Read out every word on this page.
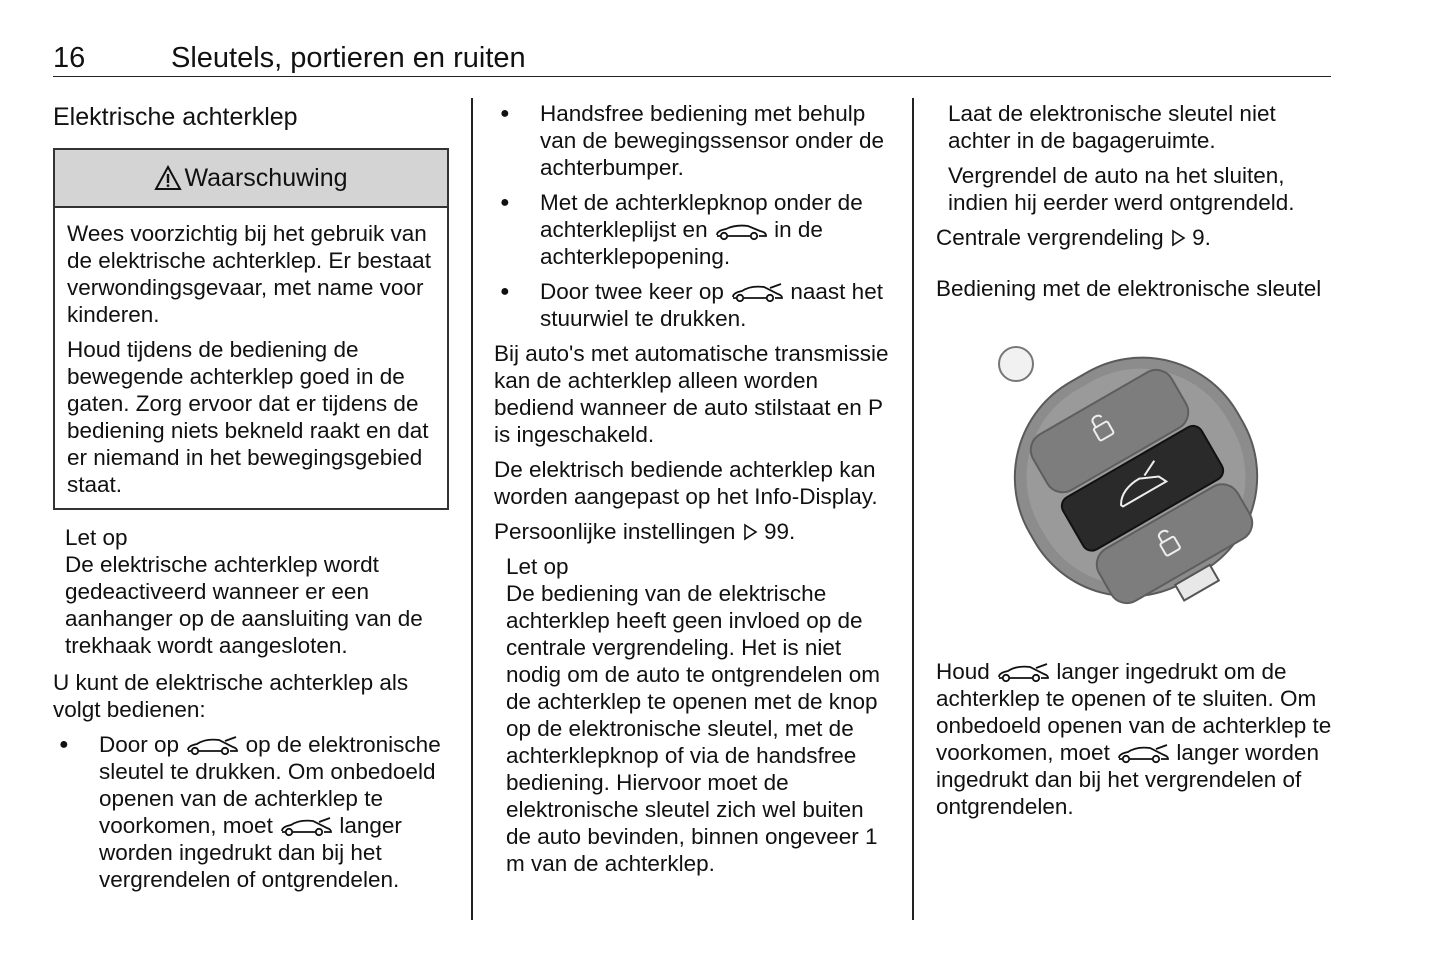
16	Sleutels, portieren en ruiten
Elektrische achterklep
Waarschuwing

Wees voorzichtig bij het gebruik van de elektrische achterklep. Er bestaat verwondingsgevaar, met name voor kinderen.

Houd tijdens de bediening de bewegende achterklep goed in de gaten. Zorg ervoor dat er tijdens de bediening niets bekneld raakt en dat er niemand in het bewegingsgebied staat.

Let op
De elektrische achterklep wordt gedeactiveerd wanneer er een aanhanger op de aansluiting van de trekhaak wordt aangesloten.

U kunt de elektrische achterklep als volgt bedienen:

● Door op	op de elektronische sleutel te drukken. Om onbedoeld openen van de achterklep te voorkomen, moet	langer worden ingedrukt dan bij het vergrendelen of ontgrendelen.
● Handsfree bediening met behulp van de bewegingssensor onder de achterbumper.
● Met de achterklepknop onder de achterkleplijst en	in de achterklepopening.
● Door twee keer op	naast het stuurwiel te drukken.

Bij auto's met automatische transmissie kan de achterklep alleen worden bediend wanneer de auto stilstaat en P is ingeschakeld.

De elektrisch bediende achterklep kan worden aangepast op het Info-Display.

Persoonlijke instellingen 99.

Let op
De bediening van de elektrische achterklep heeft geen invloed op de centrale vergrendeling. Het is niet nodig om de auto te ontgrendelen om de achterklep te openen met de knop op de elektronische sleutel, met de achterklepknop of via de handsfree bediening. Hiervoor moet de elektronische sleutel zich wel buiten de auto bevinden, binnen ongeveer 1 m van de achterklep.

Laat de elektronische sleutel niet achter in de bagageruimte.

Vergrendel de auto na het sluiten, indien hij eerder werd ontgrendeld.

Centrale vergrendeling 9.

Bediening met de elektronische sleutel

Houd	langer ingedrukt om de achterklep te openen of te sluiten. Om onbedoeld openen van de achterklep te voorkomen, moet	langer worden ingedrukt dan bij het vergrendelen of ontgrendelen.
